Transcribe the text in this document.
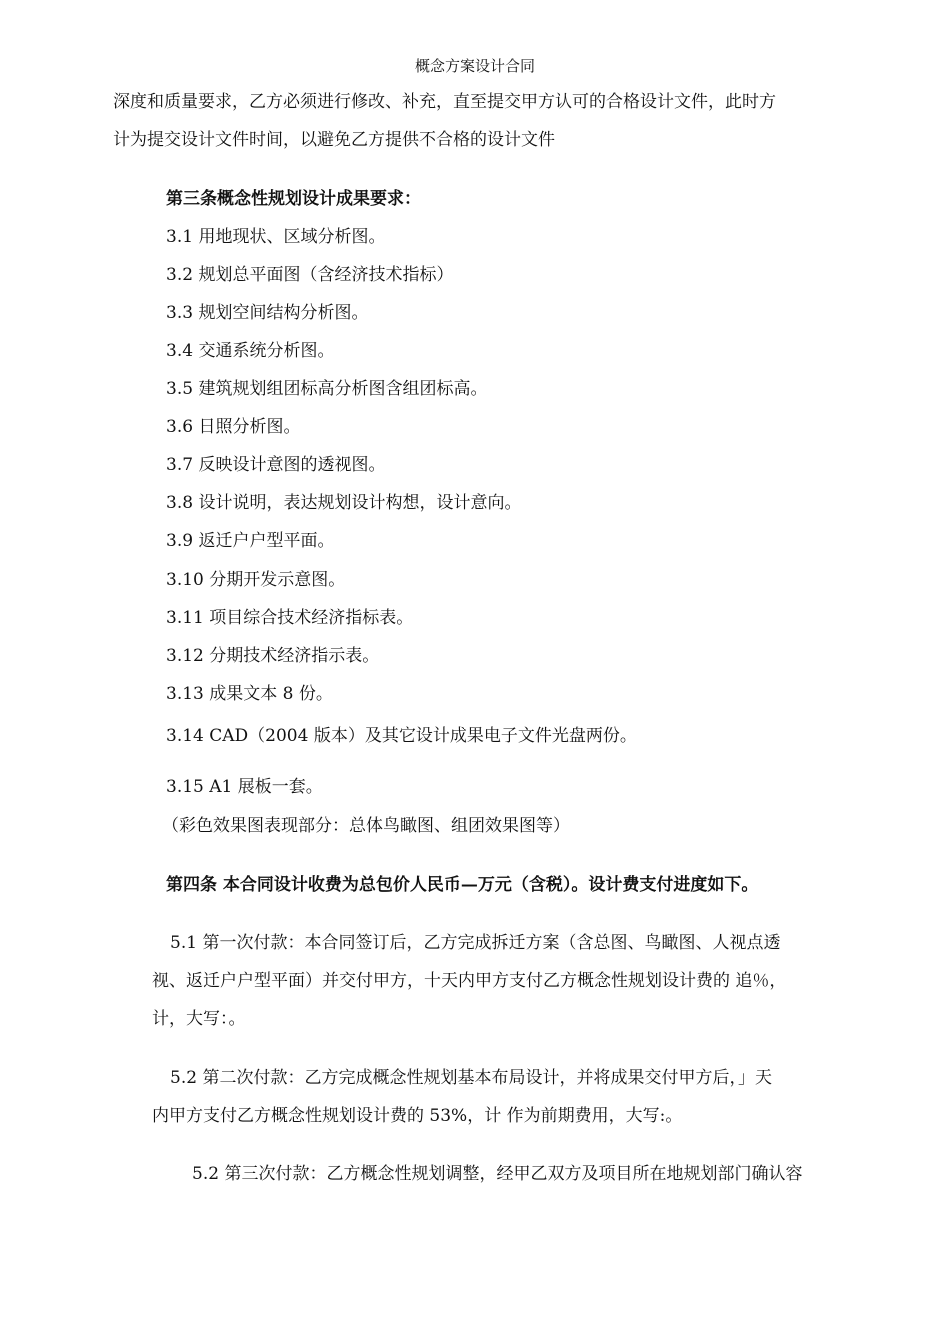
概念方案设计合同
深度和质量要求，乙方必须进行修改、补充，直至提交甲方认可的合格设计文件，此时方
计为提交设计文件时间，以避免乙方提供不合格的设计文件
第三条概念性规划设计成果要求：
3.1 用地现状、区域分析图。
3.2 规划总平面图（含经济技术指标）
3.3 规划空间结构分析图。
3.4 交通系统分析图。
3.5 建筑规划组团标高分析图含组团标高。
3.6 日照分析图。
3.7 反映设计意图的透视图。
3.8 设计说明，表达规划设计构想，设计意向。
3.9 返迁户户型平面。
3.10 分期开发示意图。
3.11 项目综合技术经济指标表。
3.12 分期技术经济指示表。
3.13 成果文本 8 份。
3.14 CAD（2004 版本）及其它设计成果电子文件光盘两份。
3.15 A1 展板一套。
（彩色效果图表现部分：总体鸟瞰图、组团效果图等）
第四条 本合同设计收费为总包价人民币—万元（含税）。设计费支付进度如下。
5.1 第一次付款：本合同签订后，乙方完成拆迁方案（含总图、鸟瞰图、人视点透
视、返迁户户型平面）并交付甲方，十天内甲方支付乙方概念性规划设计费的 追％，
计，大写：。
5.2 第二次付款：乙方完成概念性规划基本布局设计，并将成果交付甲方后，」天
内甲方支付乙方概念性规划设计费的 53%，计 作为前期费用，大写:。
5.2 第三次付款：乙方概念性规划调整，经甲乙双方及项目所在地规划部门确认容
